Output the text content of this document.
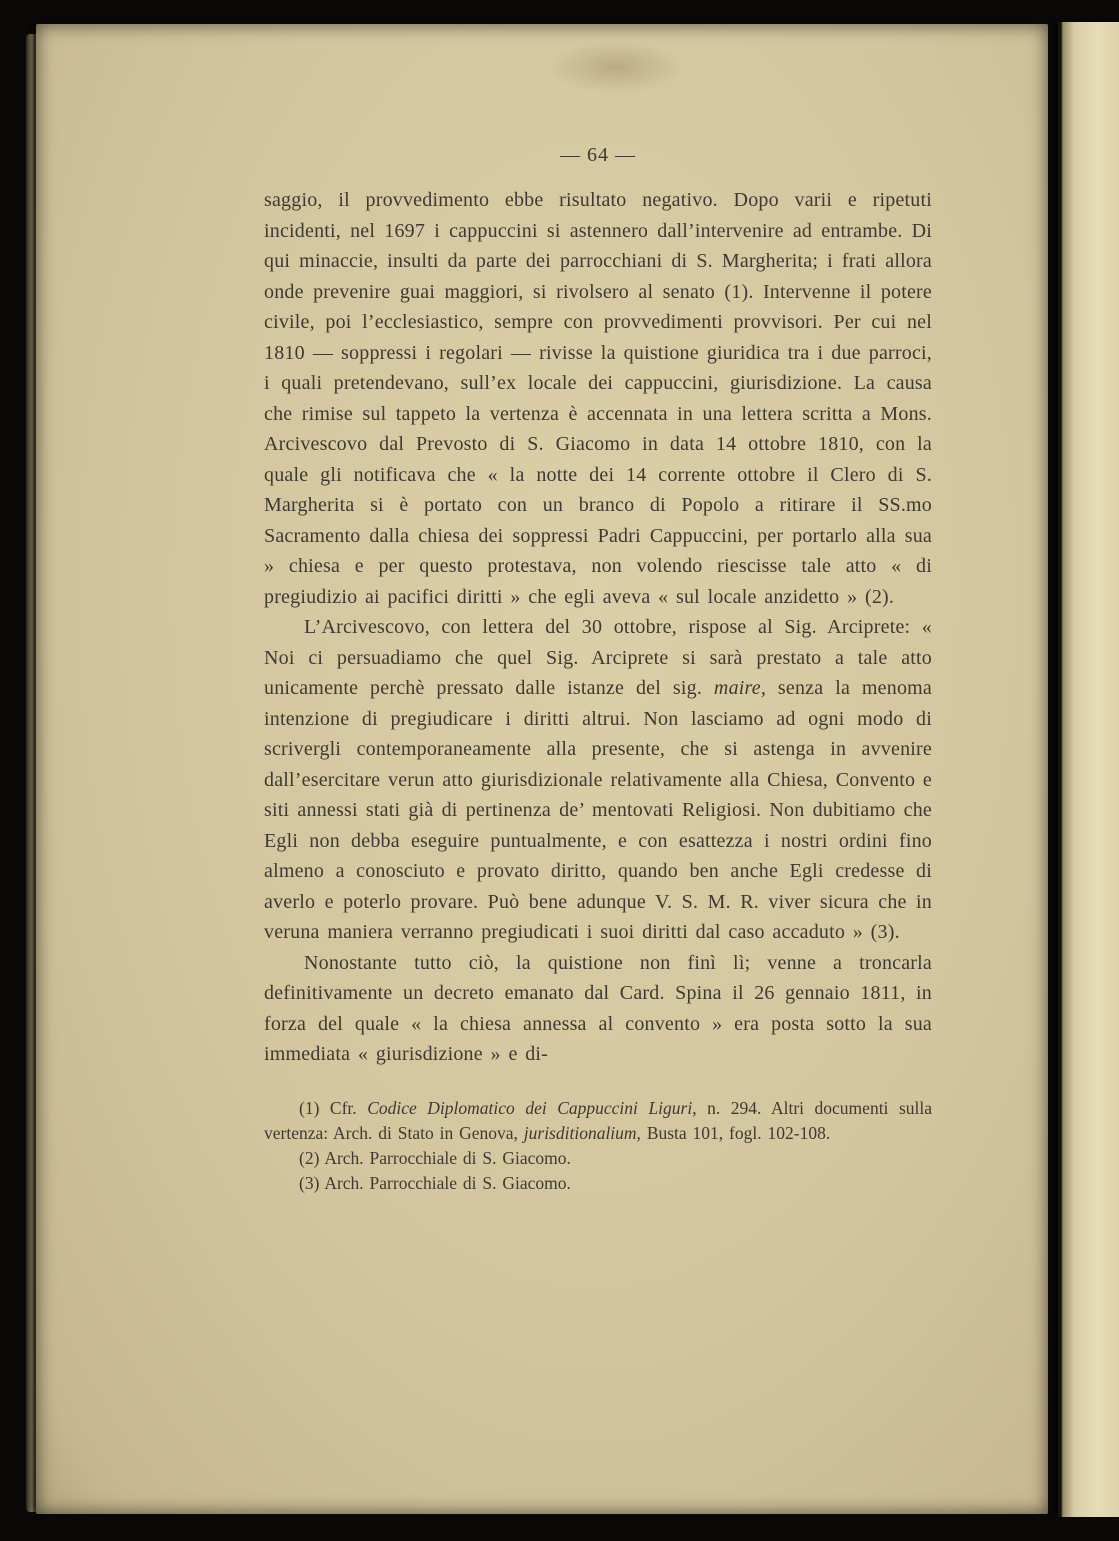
— 64 —

saggio, il provvedimento ebbe risultato negativo. Dopo varii e ripetuti incidenti, nel 1697 i cappuccini si astennero dall’intervenire ad entrambe. Di qui minaccie, insulti da parte dei parrocchiani di S. Margherita; i frati allora onde prevenire guai maggiori, si rivolsero al senato (1). Intervenne il potere civile, poi l’ecclesiastico, sempre con provvedimenti provvisori. Per cui nel 1810 — soppressi i regolari — rivisse la quistione giuridica tra i due parroci, i quali pretendevano, sull’ex locale dei cappuccini, giurisdizione. La causa che rimise sul tappeto la vertenza è accennata in una lettera scritta a Mons. Arcivescovo dal Prevosto di S. Giacomo in data 14 ottobre 1810, con la quale gli notificava che « la notte dei 14 corrente ottobre il Clero di S. Margherita si è portato con un branco di Popolo a ritirare il SS.mo Sacramento dalla chiesa dei soppressi Padri Cappuccini, per portarlo alla sua » chiesa e per questo protestava, non volendo riescisse tale atto « di pregiudizio ai pacifici diritti » che egli aveva « sul locale anzidetto » (2).

L’Arcivescovo, con lettera del 30 ottobre, rispose al Sig. Arciprete: « Noi ci persuadiamo che quel Sig. Arciprete si sarà prestato a tale atto unicamente perchè pressato dalle istanze del sig. maire, senza la menoma intenzione di pregiudicare i diritti altrui. Non lasciamo ad ogni modo di scrivergli contemporaneamente alla presente, che si astenga in avvenire dall’esercitare verun atto giurisdizionale relativamente alla Chiesa, Convento e siti annessi stati già di pertinenza de’ mentovati Religiosi. Non dubitiamo che Egli non debba eseguire puntualmente, e con esattezza i nostri ordini fino almeno a conosciuto e provato diritto, quando ben anche Egli credesse di averlo e poterlo provare. Può bene adunque V. S. M. R. viver sicura che in veruna maniera verranno pregiudicati i suoi diritti dal caso accaduto » (3).

Nonostante tutto ciò, la quistione non finì lì; venne a troncarla definitivamente un decreto emanato dal Card. Spina il 26 gennaio 1811, in forza del quale « la chiesa annessa al convento » era posta sotto la sua immediata « giurisdizione » e di-

(1) Cfr. Codice Diplomatico dei Cappuccini Liguri, n. 294. Altri documenti sulla vertenza: Arch. di Stato in Genova, jurisditionalium, Busta 101, fogl. 102-108.

(2) Arch. Parrocchiale di S. Giacomo.

(3) Arch. Parrocchiale di S. Giacomo.
